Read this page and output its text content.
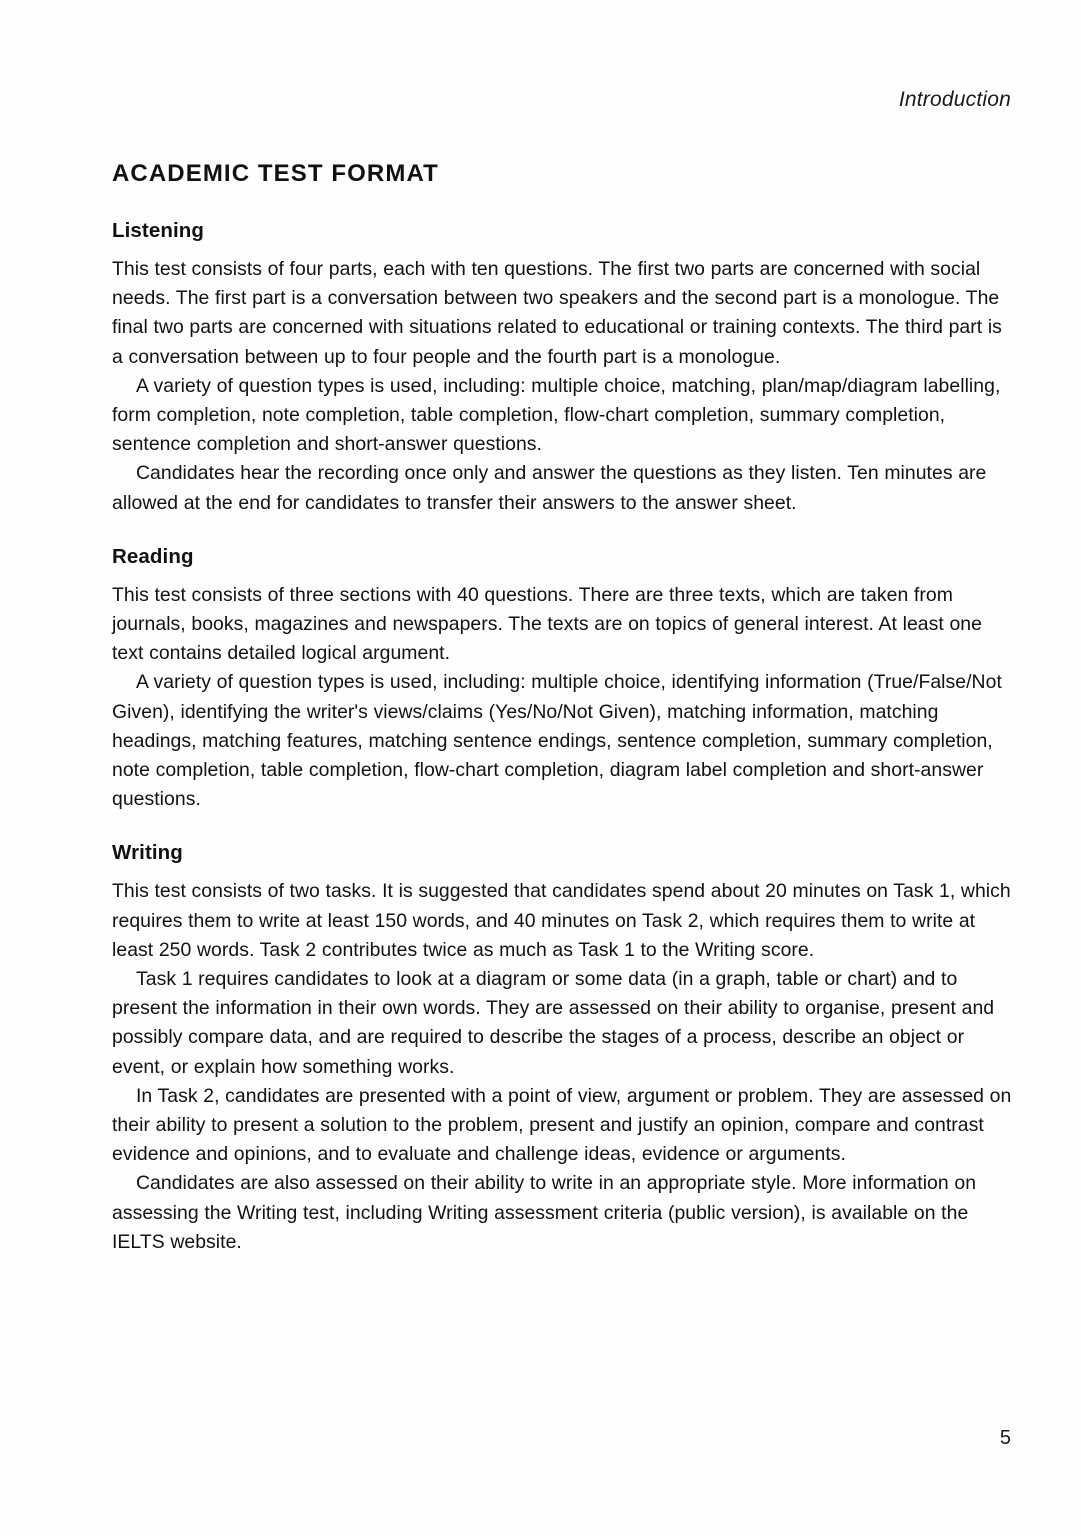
Introduction
ACADEMIC TEST FORMAT
Listening

This test consists of four parts, each with ten questions. The first two parts are concerned with social needs. The first part is a conversation between two speakers and the second part is a monologue. The final two parts are concerned with situations related to educational or training contexts. The third part is a conversation between up to four people and the fourth part is a monologue.

A variety of question types is used, including: multiple choice, matching, plan/map/diagram labelling, form completion, note completion, table completion, flow-chart completion, summary completion, sentence completion and short-answer questions.

Candidates hear the recording once only and answer the questions as they listen. Ten minutes are allowed at the end for candidates to transfer their answers to the answer sheet.

Reading

This test consists of three sections with 40 questions. There are three texts, which are taken from journals, books, magazines and newspapers. The texts are on topics of general interest. At least one text contains detailed logical argument.

A variety of question types is used, including: multiple choice, identifying information (True/False/Not Given), identifying the writer's views/claims (Yes/No/Not Given), matching information, matching headings, matching features, matching sentence endings, sentence completion, summary completion, note completion, table completion, flow-chart completion, diagram label completion and short-answer questions.

Writing

This test consists of two tasks. It is suggested that candidates spend about 20 minutes on Task 1, which requires them to write at least 150 words, and 40 minutes on Task 2, which requires them to write at least 250 words. Task 2 contributes twice as much as Task 1 to the Writing score.

Task 1 requires candidates to look at a diagram or some data (in a graph, table or chart) and to present the information in their own words. They are assessed on their ability to organise, present and possibly compare data, and are required to describe the stages of a process, describe an object or event, or explain how something works.

In Task 2, candidates are presented with a point of view, argument or problem. They are assessed on their ability to present a solution to the problem, present and justify an opinion, compare and contrast evidence and opinions, and to evaluate and challenge ideas, evidence or arguments.

Candidates are also assessed on their ability to write in an appropriate style. More information on assessing the Writing test, including Writing assessment criteria (public version), is available on the IELTS website.

5
